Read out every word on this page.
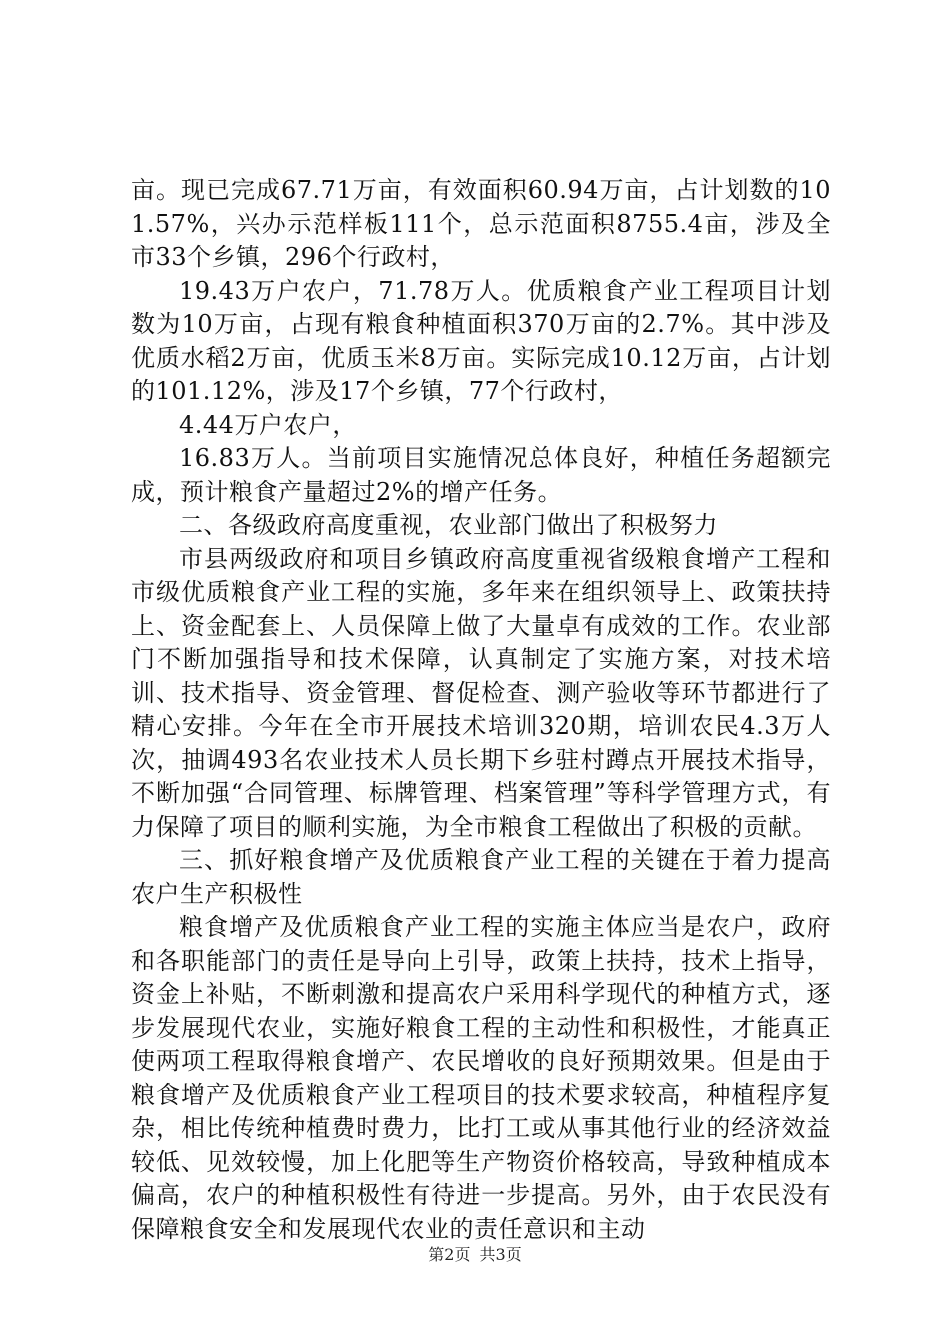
亩。现已完成67.71万亩，有效面积60.94万亩，占计划数的101.57%，兴办示范样板111个，总示范面积8755.4亩，涉及全市33个乡镇，296个行政村，

19.43万户农户，71.78万人。优质粮食产业工程项目计划数为10万亩，占现有粮食种植面积370万亩的2.7%。其中涉及优质水稻2万亩，优质玉米8万亩。实际完成10.12万亩，占计划的101.12%，涉及17个乡镇，77个行政村，

4.44万户农户，

16.83万人。当前项目实施情况总体良好，种植任务超额完成，预计粮食产量超过2%的增产任务。

二、各级政府高度重视，农业部门做出了积极努力

市县两级政府和项目乡镇政府高度重视省级粮食增产工程和市级优质粮食产业工程的实施，多年来在组织领导上、政策扶持上、资金配套上、人员保障上做了大量卓有成效的工作。农业部门不断加强指导和技术保障，认真制定了实施方案，对技术培训、技术指导、资金管理、督促检查、测产验收等环节都进行了精心安排。今年在全市开展技术培训320期，培训农民4.3万人次，抽调493名农业技术人员长期下乡驻村蹲点开展技术指导，不断加强“合同管理、标牌管理、档案管理”等科学管理方式，有力保障了项目的顺利实施，为全市粮食工程做出了积极的贡献。

三、抓好粮食增产及优质粮食产业工程的关键在于着力提高农户生产积极性

粮食增产及优质粮食产业工程的实施主体应当是农户，政府和各职能部门的责任是导向上引导，政策上扶持，技术上指导，资金上补贴，不断刺激和提高农户采用科学现代的种植方式，逐步发展现代农业，实施好粮食工程的主动性和积极性，才能真正使两项工程取得粮食增产、农民增收的良好预期效果。但是由于粮食增产及优质粮食产业工程项目的技术要求较高，种植程序复杂，相比传统种植费时费力，比打工或从事其他行业的经济效益较低、见效较慢，加上化肥等生产物资价格较高，导致种植成本偏高，农户的种植积极性有待进一步提高。另外，由于农民没有保障粮食安全和发展现代农业的责任意识和主动

第2页 共3页
